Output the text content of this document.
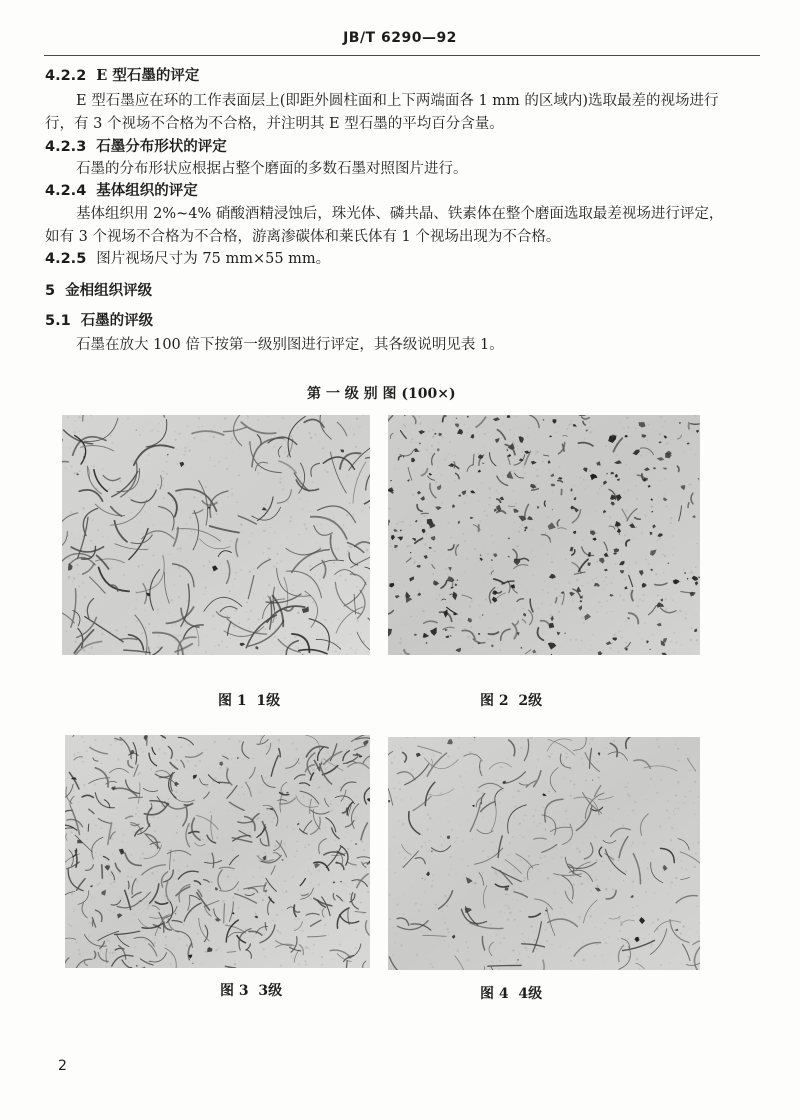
JB/T 6290—92
4.2.2 E 型石墨的评定
E 型石墨应在环的工作表面层上(即距外圆柱面和上下两端面各 1 mm 的区域内)选取最差的视场进行
行，有 3 个视场不合格为不合格，并注明其 E 型石墨的平均百分含量。
4.2.3 石墨分布形状的评定
石墨的分布形状应根据占整个磨面的多数石墨对照图片进行。
4.2.4 基体组织的评定
基体组织用 2%~4% 硝酸酒精浸蚀后，珠光体、磷共晶、铁素体在整个磨面选取最差视场进行评定，
如有 3 个视场不合格为不合格，游离渗碳体和莱氏体有 1 个视场出现为不合格。
4.2.5 图片视场尺寸为 75 mm×55 mm。
5 金相组织评级
5.1 石墨的评级
石墨在放大 100 倍下按第一级别图进行评定，其各级说明见表 1。
第 一 级 别 图 (100×)
图 1  1级	图 2  2级
图 3  3级	图 4  4级
2
